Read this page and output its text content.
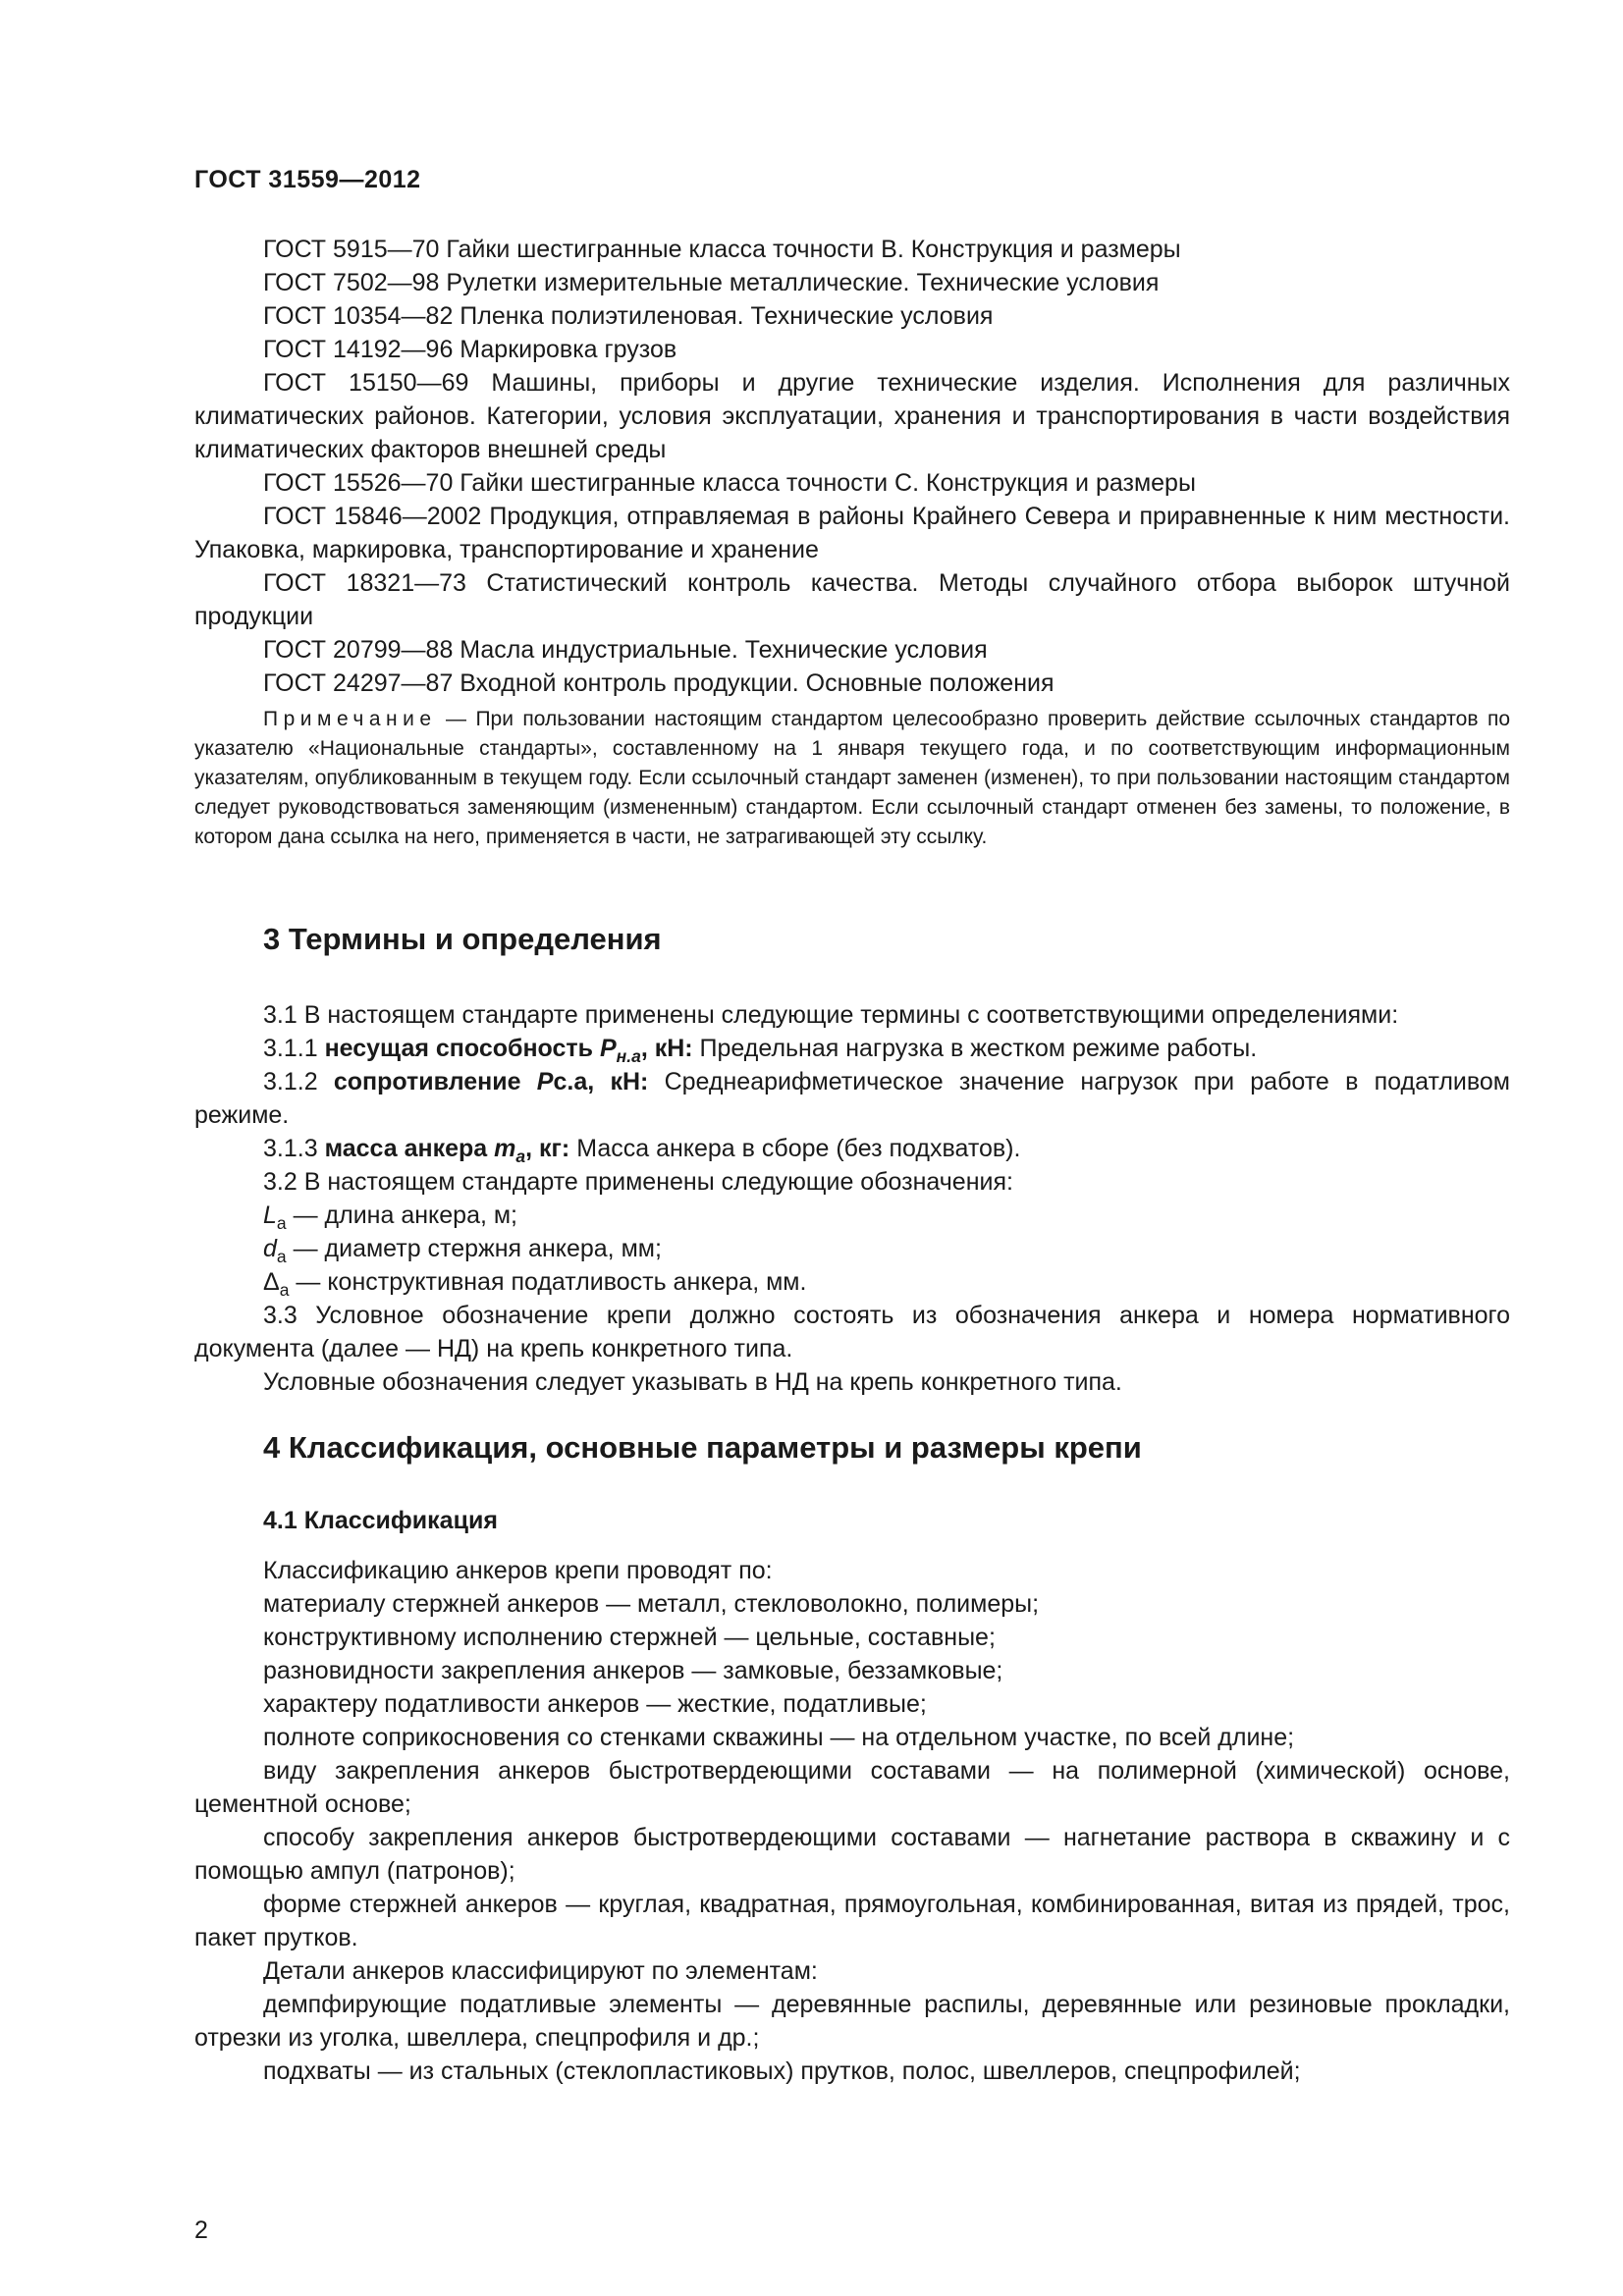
ГОСТ 31559—2012

ГОСТ 5915—70 Гайки шестигранные класса точности В. Конструкция и размеры

ГОСТ 7502—98 Рулетки измерительные металлические. Технические условия

ГОСТ 10354—82 Пленка полиэтиленовая. Технические условия

ГОСТ 14192—96 Маркировка грузов

ГОСТ 15150—69 Машины, приборы и другие технические изделия. Исполнения для различных климатических районов. Категории, условия эксплуатации, хранения и транспортирования в части воздействия климатических факторов внешней среды

ГОСТ 15526—70 Гайки шестигранные класса точности С. Конструкция и размеры

ГОСТ 15846—2002 Продукция, отправляемая в районы Крайнего Севера и приравненные к ним местности. Упаковка, маркировка, транспортирование и хранение

ГОСТ 18321—73 Статистический контроль качества. Методы случайного отбора выборок штучной продукции

ГОСТ 20799—88 Масла индустриальные. Технические условия

ГОСТ 24297—87 Входной контроль продукции. Основные положения

Примечание — При пользовании настоящим стандартом целесообразно проверить действие ссылочных стандартов по указателю «Национальные стандарты», составленному на 1 января текущего года, и по соответствующим информационным указателям, опубликованным в текущем году. Если ссылочный стандарт заменен (изменен), то при пользовании настоящим стандартом следует руководствоваться заменяющим (измененным) стандартом. Если ссылочный стандарт отменен без замены, то положение, в котором дана ссылка на него, применяется в части, не затрагивающей эту ссылку.

3 Термины и определения

3.1 В настоящем стандарте применены следующие термины с соответствующими определениями:

3.1.1 несущая способность $P_{н.а}$, кН: Предельная нагрузка в жестком режиме работы.

3.1.2 сопротивление Pс.а, кН: Среднеарифметическое значение нагрузок при работе в податливом режиме.

3.1.3 масса анкера $m_a$, кг: Масса анкера в сборе (без подхватов).

3.2 В настоящем стандарте применены следующие обозначения:

$L_a$ — длина анкера, м;

$d_a$ — диаметр стержня анкера, мм;

$\Delta_a$ — конструктивная податливость анкера, мм.

3.3 Условное обозначение крепи должно состоять из обозначения анкера и номера нормативного документа (далее — НД) на крепь конкретного типа.

Условные обозначения следует указывать в НД на крепь конкретного типа.

4 Классификация, основные параметры и размеры крепи
4.1 Классификация

Классификацию анкеров крепи проводят по:

материалу стержней анкеров — металл, стекловолокно, полимеры;

конструктивному исполнению стержней — цельные, составные;

разновидности закрепления анкеров — замковые, беззамковые;

характеру податливости анкеров — жесткие, податливые;

полноте соприкосновения со стенками скважины — на отдельном участке, по всей длине;

виду закрепления анкеров быстротвердеющими составами — на полимерной (химической) основе, цементной основе;

способу закрепления анкеров быстротвердеющими составами — нагнетание раствора в скважину и с помощью ампул (патронов);

форме стержней анкеров — круглая, квадратная, прямоугольная, комбинированная, витая из прядей, трос, пакет прутков.

Детали анкеров классифицируют по элементам:

демпфирующие податливые элементы — деревянные распилы, деревянные или резиновые прокладки, отрезки из уголка, швеллера, спецпрофиля и др.;

подхваты — из стальных (стеклопластиковых) прутков, полос, швеллеров, спецпрофилей;

2
